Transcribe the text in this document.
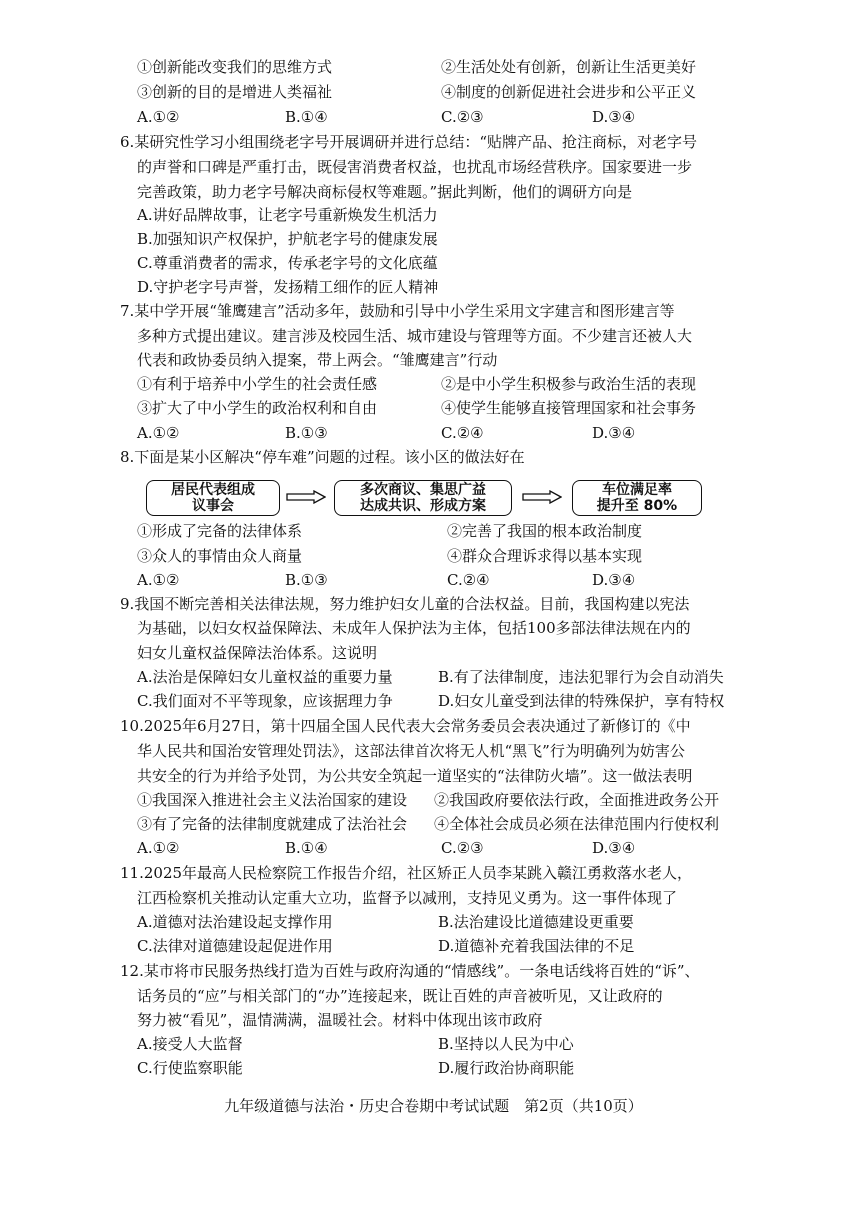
①创新能改变我们的思维方式	②生活处处有创新，创新让生活更美好
③创新的目的是增进人类福祉	④制度的创新促进社会进步和公平正义
A.①②	B.①④	C.②③	D.③④
6.某研究性学习小组围绕老字号开展调研并进行总结：“贴牌产品、抢注商标，对老字号
的声誉和口碑是严重打击，既侵害消费者权益，也扰乱市场经营秩序。国家要进一步
完善政策，助力老字号解决商标侵权等难题。”据此判断，他们的调研方向是
A.讲好品牌故事，让老字号重新焕发生机活力
B.加强知识产权保护，护航老字号的健康发展
C.尊重消费者的需求，传承老字号的文化底蕴
D.守护老字号声誉，发扬精工细作的匠人精神
7.某中学开展“雏鹰建言”活动多年，鼓励和引导中小学生采用文字建言和图形建言等
多种方式提出建议。建言涉及校园生活、城市建设与管理等方面。不少建言还被人大
代表和政协委员纳入提案，带上两会。“雏鹰建言”行动
①有利于培养中小学生的社会责任感	②是中小学生积极参与政治生活的表现
③扩大了中小学生的政治权利和自由	④使学生能够直接管理国家和社会事务
A.①②	B.①③	C.②④	D.③④
8.下面是某小区解决“停车难”问题的过程。该小区的做法好在
居民代表组成
议事会
多次商议、集思广益
达成共识、形成方案
车位满足率
提升至 80%
①形成了完备的法律体系	②完善了我国的根本政治制度
③众人的事情由众人商量	④群众合理诉求得以基本实现
A.①②	B.①③	C.②④	D.③④
9.我国不断完善相关法律法规，努力维护妇女儿童的合法权益。目前，我国构建以宪法
为基础，以妇女权益保障法、未成年人保护法为主体，包括100多部法律法规在内的
妇女儿童权益保障法治体系。这说明
A.法治是保障妇女儿童权益的重要力量	B.有了法律制度，违法犯罪行为会自动消失
C.我们面对不平等现象，应该据理力争	D.妇女儿童受到法律的特殊保护，享有特权
10.2025年6月27日，第十四届全国人民代表大会常务委员会表决通过了新修订的《中
华人民共和国治安管理处罚法》，这部法律首次将无人机“黑飞”行为明确列为妨害公
共安全的行为并给予处罚，为公共安全筑起一道坚实的“法律防火墙”。这一做法表明
①我国深入推进社会主义法治国家的建设 ②我国政府要依法行政，全面推进政务公开
③有了完备的法律制度就建成了法治社会 ④全体社会成员必须在法律范围内行使权利
A.①②	B.①④	C.②③	D.③④
11.2025年最高人民检察院工作报告介绍，社区矫正人员李某跳入赣江勇救落水老人，
江西检察机关推动认定重大立功，监督予以减刑，支持见义勇为。这一事件体现了
A.道德对法治建设起支撑作用	B.法治建设比道德建设更重要
C.法律对道德建设起促进作用	D.道德补充着我国法律的不足
12.某市将市民服务热线打造为百姓与政府沟通的“情感线”。一条电话线将百姓的“诉”、
话务员的“应”与相关部门的“办”连接起来，既让百姓的声音被听见，又让政府的
努力被“看见”，温情满满，温暖社会。材料中体现出该市政府
A.接受人大监督	B.坚持以人民为中心
C.行使监察职能	D.履行政治协商职能
九年级道德与法治・历史合卷期中考试试题　第2页（共10页）
